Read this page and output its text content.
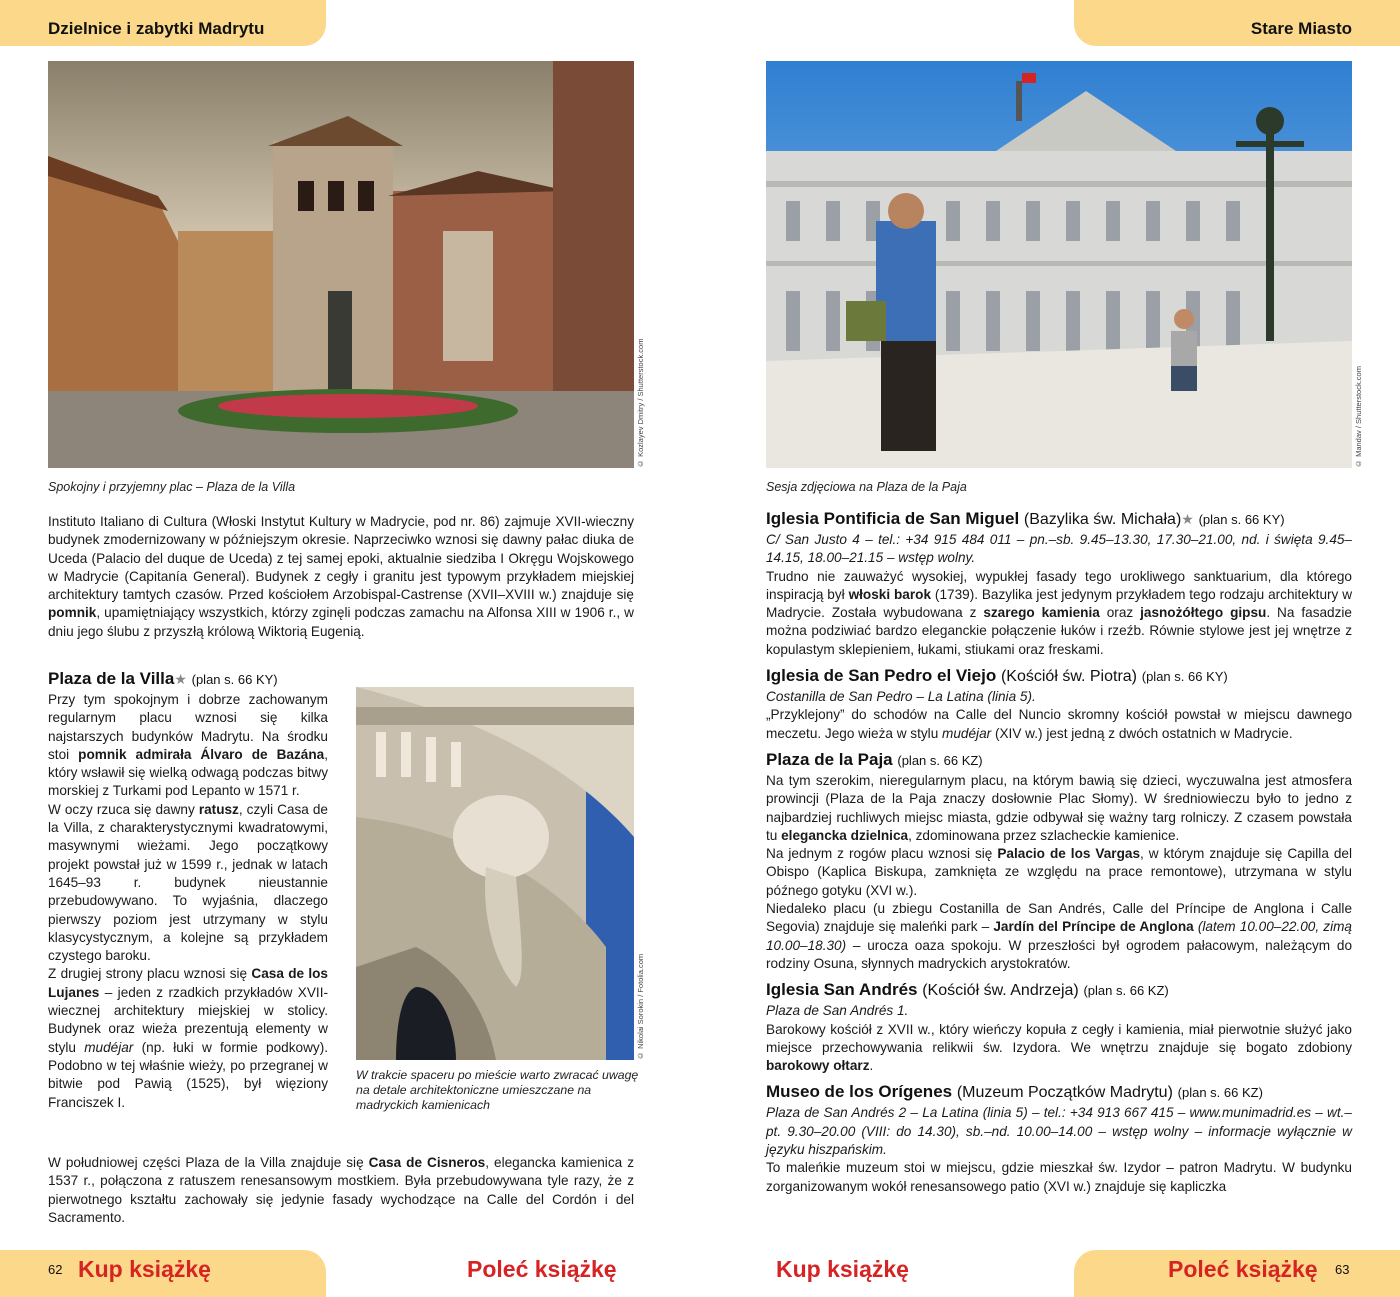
Dzielnice i zabytki Madrytu	Stare Miasto
© Kozlayev Dmitry / Shutterstock.com
Spokojny i przyjemny plac – Plaza de la Villa

Instituto Italiano di Cultura (Włoski Instytut Kultury w Madrycie, pod nr. 86) zajmuje XVII-wieczny budynek zmodernizowany w późniejszym okresie. Naprzeciwko wznosi się dawny pałac diuka de Uceda (Palacio del duque de Uceda) z tej samej epoki, aktualnie siedziba I Okręgu Wojskowego w Madrycie (Capitanía General). Budynek z cegły i granitu jest typowym przykładem miejskiej architektury tamtych czasów. Przed kościołem Arzobispal-Castrense (XVII–XVIII w.) znajduje się pomnik, upamiętniający wszystkich, którzy zginęli podczas zamachu na Alfonsa XIII w 1906 r., w dniu jego ślubu z przyszłą królową Wiktorią Eugenią.

Plaza de la Villa★ (plan s. 66 KY)

Przy tym spokojnym i dobrze zachowanym regularnym placu wznosi się kilka najstarszych budynków Madrytu. Na środku stoi pomnik admirała Álvaro de Bazána, który wsławił się wielką odwagą podczas bitwy morskiej z Turkami pod Lepanto w 1571 r.

W oczy rzuca się dawny ratusz, czyli Casa de la Villa, z charakterystycznymi kwadratowymi, masywnymi wieżami. Jego początkowy projekt powstał już w 1599 r., jednak w latach 1645–93 r. budynek nieustannie przebudowywano. To wyjaśnia, dlaczego pierwszy poziom jest utrzymany w stylu klasycystycznym, a kolejne są przykładem czystego baroku.

Z drugiej strony placu wznosi się Casa de los Lujanes – jeden z rzadkich przykładów XVII-wiecznej architektury miejskiej w stolicy. Budynek oraz wieża prezentują elementy w stylu mudéjar (np. łuki w formie podkowy). Podobno w tej właśnie wieży, po przegranej w bitwie pod Pawią (1525), był więziony Franciszek I.

© Nikolai Sorokin / Fotolia.com
W trakcie spaceru po mieście warto zwracać uwagę na detale architektoniczne umieszczane na madryckich kamienicach

W południowej części Plaza de la Villa znajduje się Casa de Cisneros, elegancka kamienica z 1537 r., połączona z ratuszem renesansowym mostkiem. Była przebudowywana tyle razy, że z pierwotnego kształtu zachowały się jedynie fasady wychodzące na Calle del Cordón i del Sacramento.

© Mandav / Shutterstock.com
Sesja zdjęciowa na Plaza de la Paja
Iglesia Pontificia de San Miguel (Bazylika św. Michała)★ (plan s. 66 KY)

C/ San Justo 4 – tel.: +34 915 484 011 – pn.–sb. 9.45–13.30, 17.30–21.00, nd. i święta 9.45–14.15, 18.00–21.15 – wstęp wolny.

Trudno nie zauważyć wysokiej, wypukłej fasady tego urokliwego sanktuarium, dla którego inspiracją był włoski barok (1739). Bazylika jest jedynym przykładem tego rodzaju architektury w Madrycie. Została wybudowana z szarego kamienia oraz jasnożółtego gipsu. Na fasadzie można podziwiać bardzo eleganckie połączenie łuków i rzeźb. Równie stylowe jest jej wnętrze z kopulastym sklepieniem, łukami, stiukami oraz freskami.

Iglesia de San Pedro el Viejo (Kościół św. Piotra) (plan s. 66 KY)

Costanilla de San Pedro – La Latina (linia 5).

„Przyklejony” do schodów na Calle del Nuncio skromny kościół powstał w miejscu dawnego meczetu. Jego wieża w stylu mudéjar (XIV w.) jest jedną z dwóch ostatnich w Madrycie.

Plaza de la Paja (plan s. 66 KZ)

Na tym szerokim, nieregularnym placu, na którym bawią się dzieci, wyczuwalna jest atmosfera prowincji (Plaza de la Paja znaczy dosłownie Plac Słomy). W średniowieczu było to jedno z najbardziej ruchliwych miejsc miasta, gdzie odbywał się ważny targ rolniczy. Z czasem powstała tu elegancka dzielnica, zdominowana przez szlacheckie kamienice.

Na jednym z rogów placu wznosi się Palacio de los Vargas, w którym znajduje się Capilla del Obispo (Kaplica Biskupa, zamknięta ze względu na prace remontowe), utrzymana w stylu późnego gotyku (XVI w.).

Niedaleko placu (u zbiegu Costanilla de San Andrés, Calle del Príncipe de Anglona i Calle Segovia) znajduje się maleńki park – Jardín del Príncipe de Anglona (latem 10.00–22.00, zimą 10.00–18.30) – urocza oaza spokoju. W przeszłości był ogrodem pałacowym, należącym do rodziny Osuna, słynnych madryckich arystokratów.

Iglesia San Andrés (Kościół św. Andrzeja) (plan s. 66 KZ)

Plaza de San Andrés 1.

Barokowy kościół z XVII w., który wieńczy kopuła z cegły i kamienia, miał pierwotnie służyć jako miejsce przechowywania relikwii św. Izydora. We wnętrzu znajduje się bogato zdobiony barokowy ołtarz.

Museo de los Orígenes (Muzeum Początków Madrytu) (plan s. 66 KZ)

Plaza de San Andrés 2 – La Latina (linia 5) – tel.: +34 913 667 415 – www.munimadrid.es – wt.–pt. 9.30–20.00 (VIII: do 14.30), sb.–nd. 10.00–14.00 – wstęp wolny – informacje wyłącznie w języku hiszpańskim.

To maleńkie muzeum stoi w miejscu, gdzie mieszkał św. Izydor – patron Madrytu. W budynku zorganizowanym wokół renesansowego patio (XVI w.) znajduje się kapliczka

62	63
Kup książkę	Poleć książkę	Kup książkę	Poleć książkę
